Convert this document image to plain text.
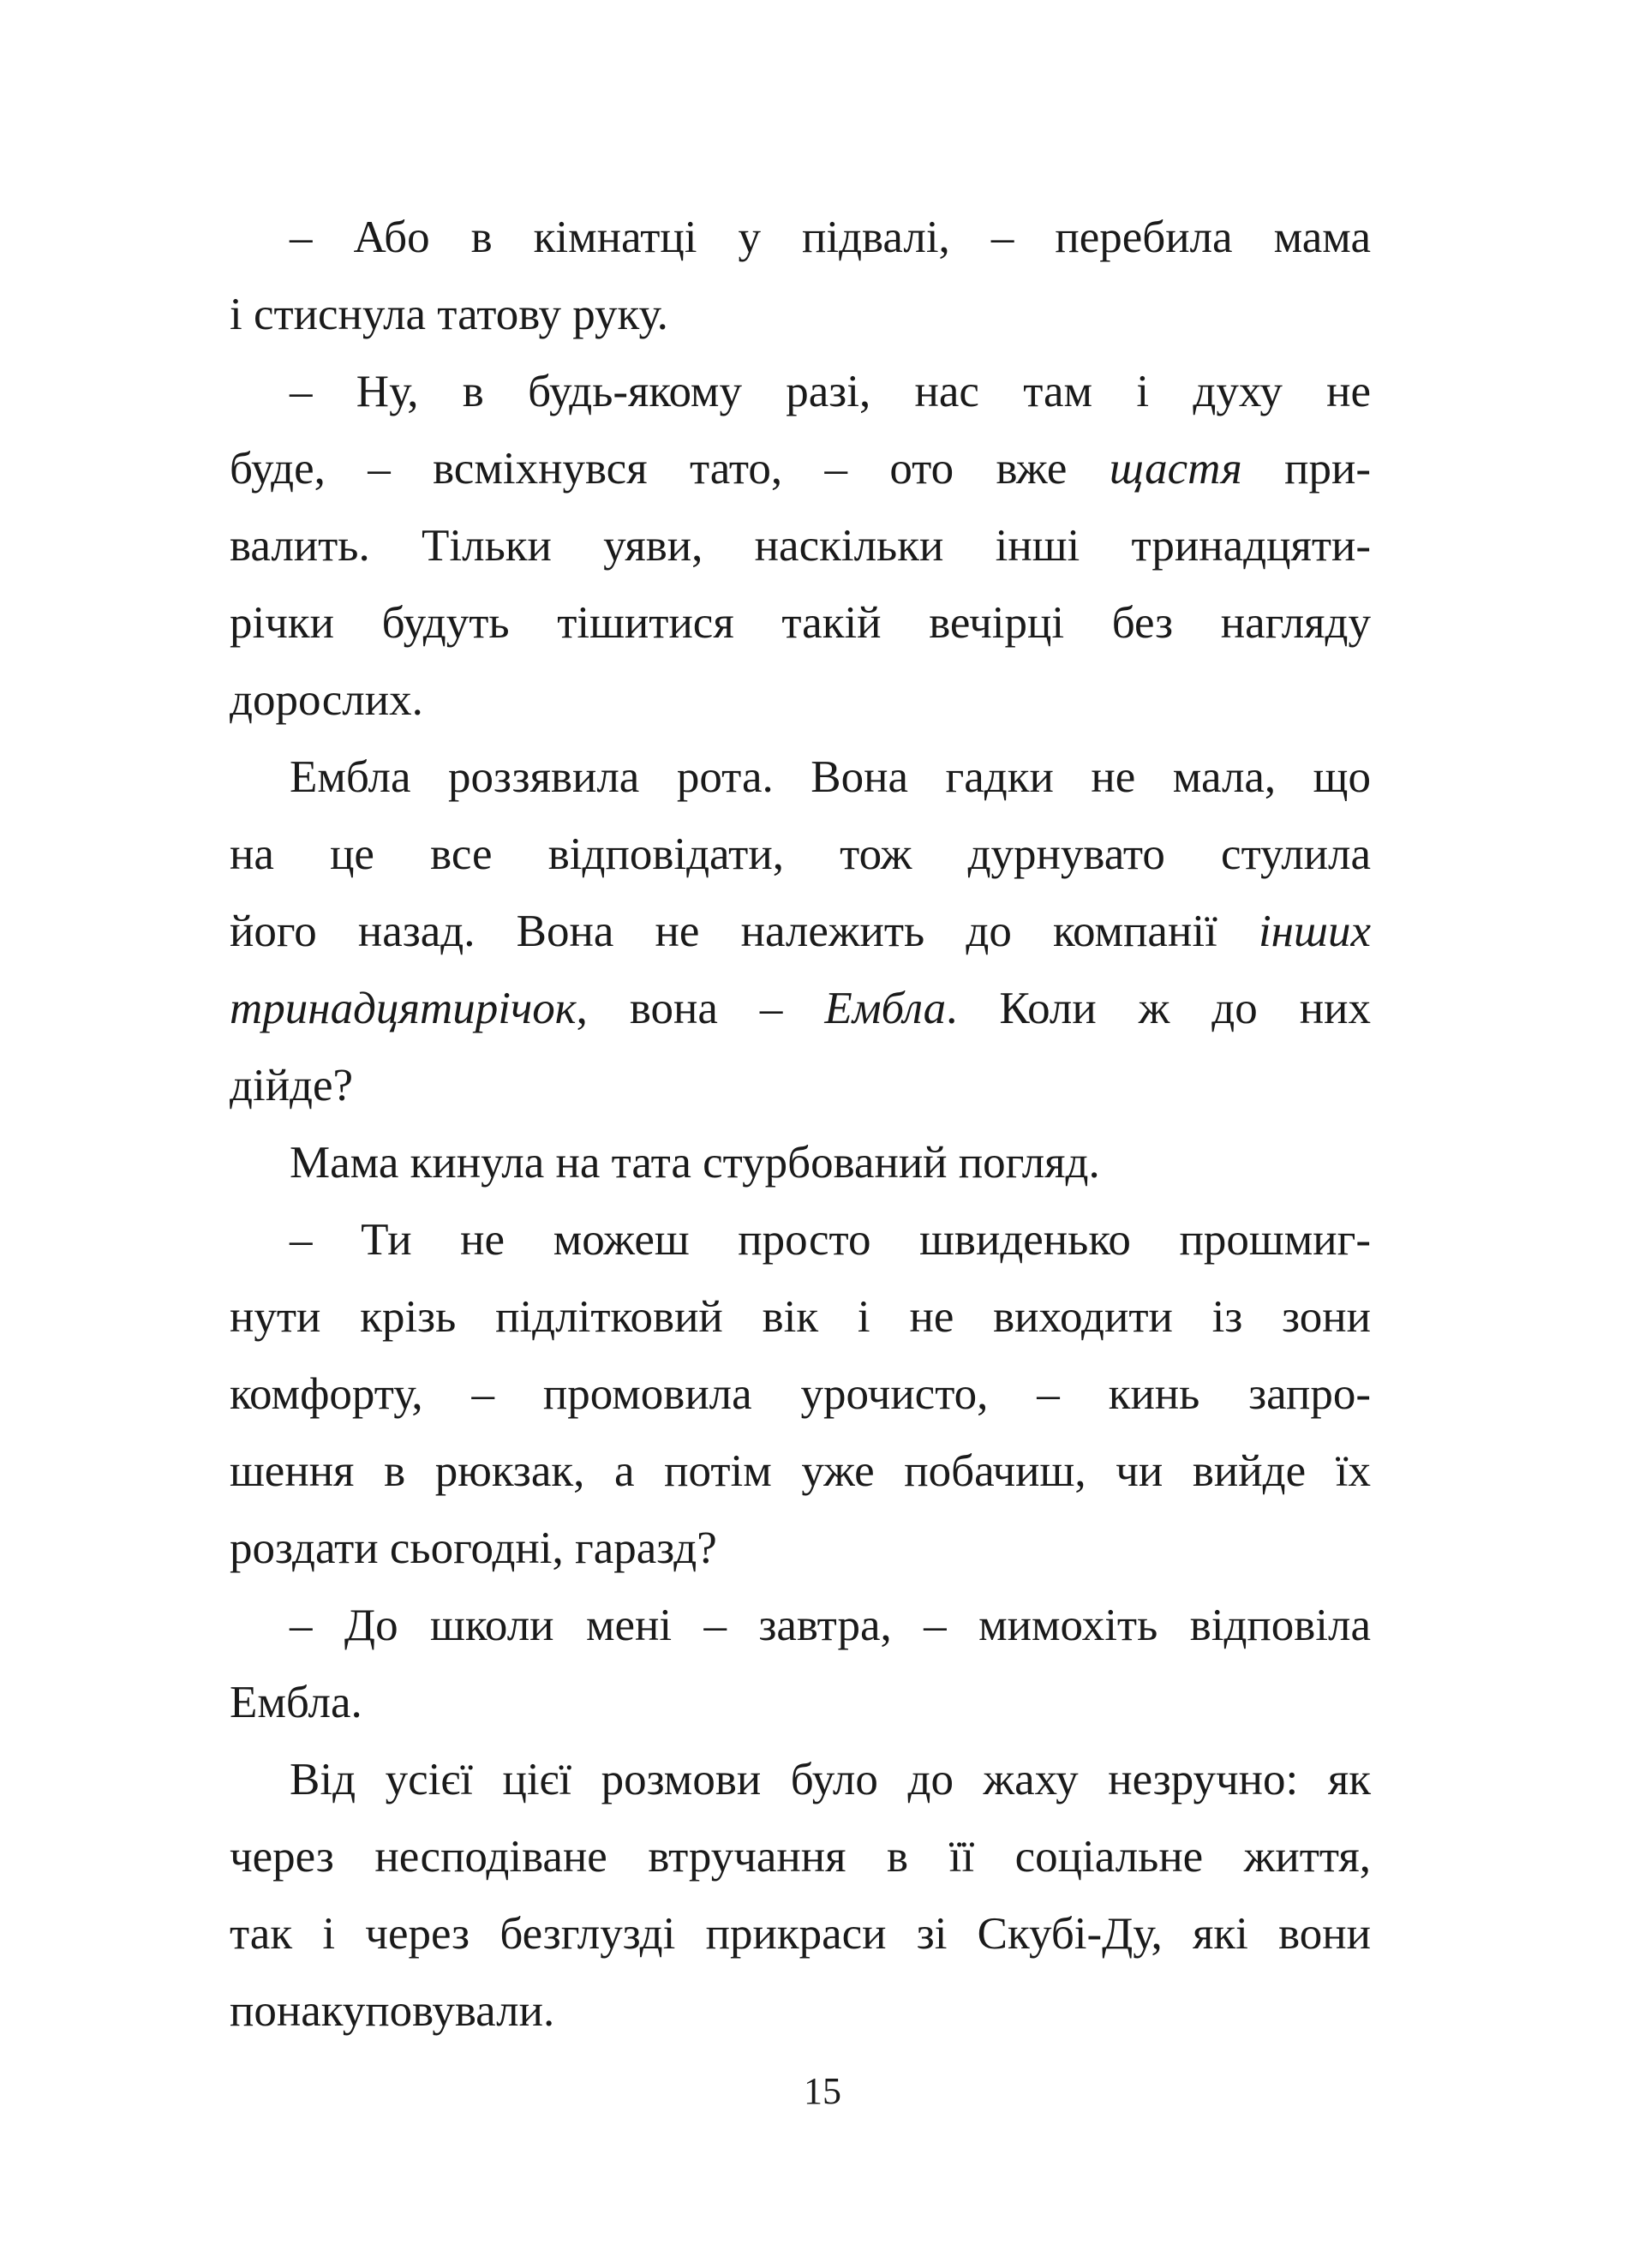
– Або в кімнатці у підвалі, – перебила мама
і стиснула татову руку.
– Ну, в будь-якому разі, нас там і духу не
буде, – всміхнувся тато, – ото вже щастя при-
валить. Тільки уяви, наскільки інші тринадцяти-
річки будуть тішитися такій вечірці без нагляду
дорослих.
Ембла роззявила рота. Вона гадки не мала, що
на це все відповідати, тож дурнувато стулила
його назад. Вона не належить до компанії інших
тринадцятирічок, вона – Ембла. Коли ж до них
дійде?
Мама кинула на тата стурбований погляд.
– Ти не можеш просто швиденько прошмиг-
нути крізь підлітковий вік і не виходити із зони
комфорту, – промовила урочисто, – кинь запро-
шення в рюкзак, а потім уже побачиш, чи вийде їх
роздати сьогодні, гаразд?
– До школи мені – завтра, – мимохіть відповіла
Ембла.
Від усієї цієї розмови було до жаху незручно: як
через несподіване втручання в її соціальне життя,
так і через безглузді прикраси зі Скубі-Ду, які вони
понакуповували.
15
